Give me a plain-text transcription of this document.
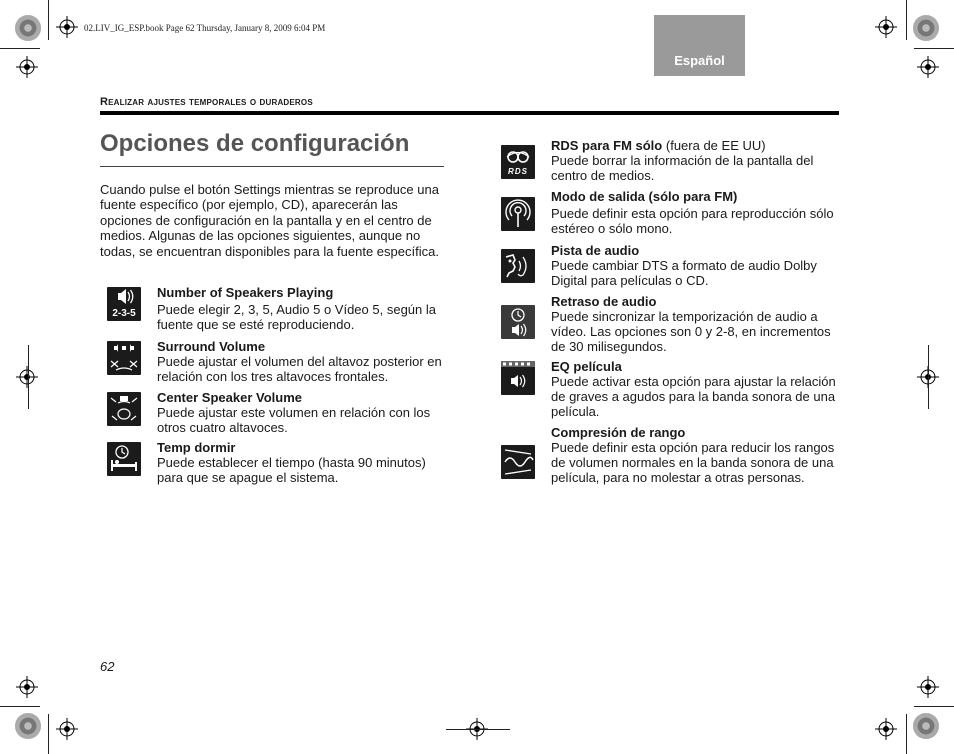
02.LIV_IG_ESP.book Page 62 Thursday, January 8, 2009 6:04 PM
Español
Realizar ajustes temporales o duraderos
Opciones de configuración
Cuando pulse el botón Settings mientras se reproduce una fuente específico (por ejemplo, CD), aparecerán las opciones de configuración en la pantalla y en el centro de medios. Algunas de las opciones siguientes, aunque no todas, se encuentran disponibles para la fuente específica.
2-3-5
Number of Speakers Playing
Puede elegir 2, 3, 5, Audio 5 o Vídeo 5, según la fuente que se esté reproduciendo.
Surround Volume
Puede ajustar el volumen del altavoz posterior en relación con los tres altavoces frontales.
Center Speaker Volume
Puede ajustar este volumen en relación con los otros cuatro altavoces.
Temp dormir
Puede establecer el tiempo (hasta 90 minutos) para que se apague el sistema.
RDS
RDS para FM sólo (fuera de EE UU)
Puede borrar la información de la pantalla del centro de medios.
Modo de salida (sólo para FM)
Puede definir esta opción para reproducción sólo estéreo o sólo mono.
Pista de audio
Puede cambiar DTS a formato de audio Dolby Digital para películas o CD.
Retraso de audio
Puede sincronizar la temporización de audio a vídeo. Las opciones son 0 y 2-8, en incrementos de 30 milisegundos.
EQ película
Puede activar esta opción para ajustar la relación de graves a agudos para la banda sonora de una película.
Compresión de rango
Puede definir esta opción para reducir los rangos de volumen normales en la banda sonora de una película, para no molestar a otras personas.
62
